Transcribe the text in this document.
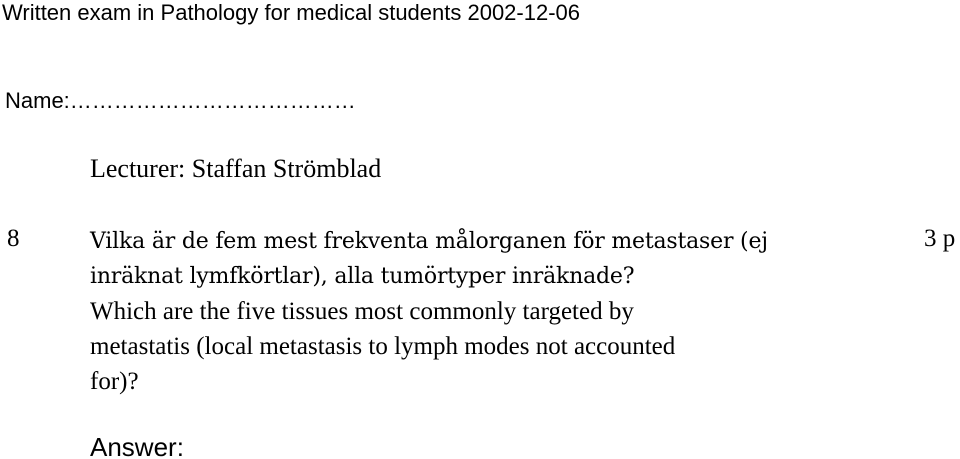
Written exam in Pathology for medical students 2002-12-06
Name:…………………………………
Lecturer: Staffan Strömblad
8	Vilka är de fem mest frekventa målorganen för metastaser (ej
inräknat lymfkörtlar), alla tumörtyper inräknade?
Which are the five tissues most commonly targeted by
metastatis (local metastasis to lymph modes not accounted
for)?
3 p
Answer:
